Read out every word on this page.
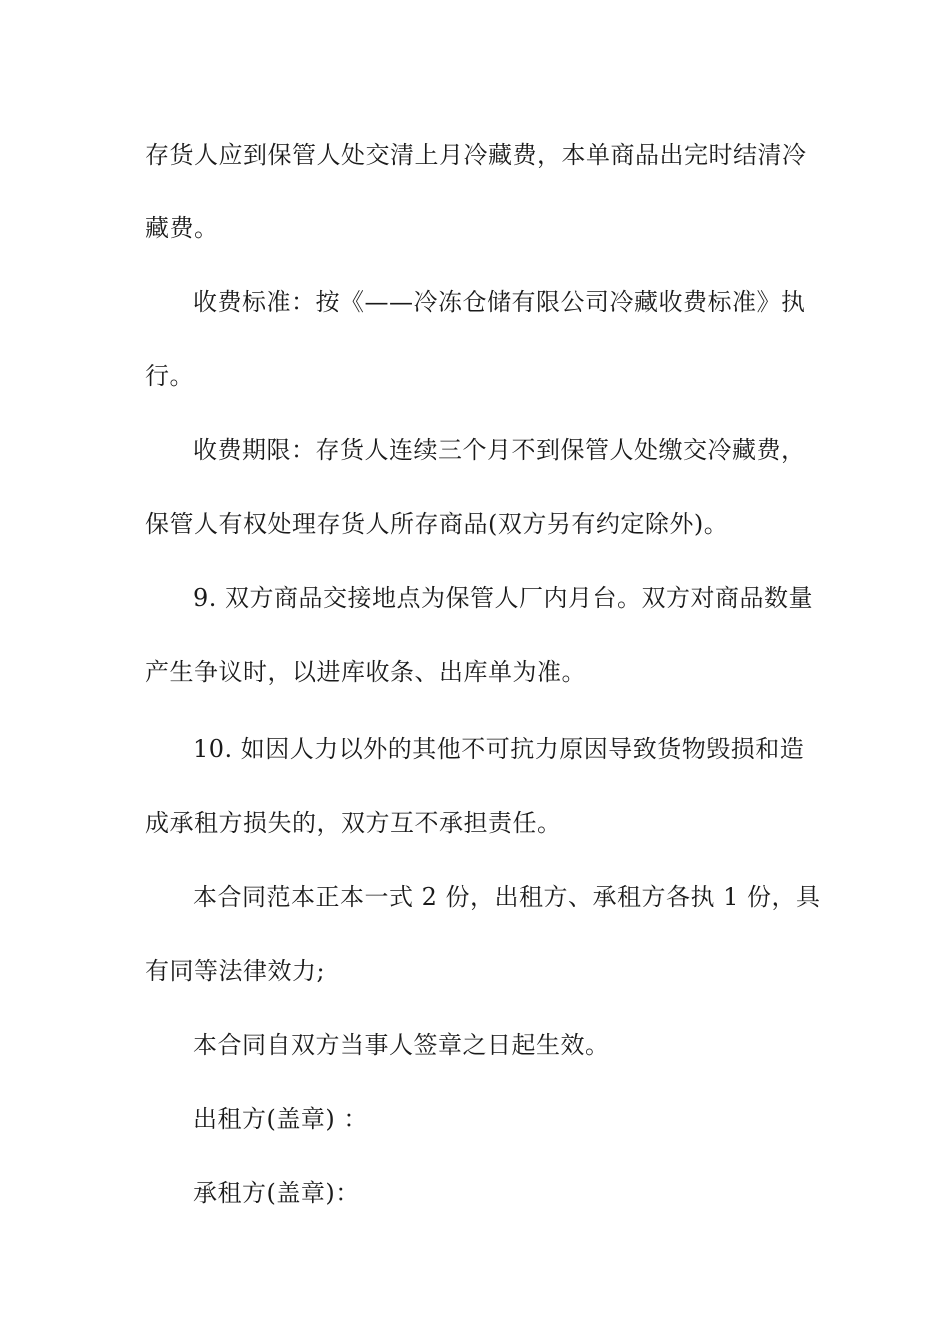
存货人应到保管人处交清上月冷藏费，本单商品出完时结清冷
藏费。
收费标准：按《——冷冻仓储有限公司冷藏收费标准》执
行。
收费期限：存货人连续三个月不到保管人处缴交冷藏费，
保管人有权处理存货人所存商品(双方另有约定除外)。
9. 双方商品交接地点为保管人厂内月台。双方对商品数量
产生争议时，以进库收条、出库单为准。
10. 如因人力以外的其他不可抗力原因导致货物毁损和造
成承租方损失的，双方互不承担责任。
本合同范本正本一式 2 份，出租方、承租方各执 1 份，具
有同等法律效力;
本合同自双方当事人签章之日起生效。
出租方(盖章) ：
承租方(盖章)：
